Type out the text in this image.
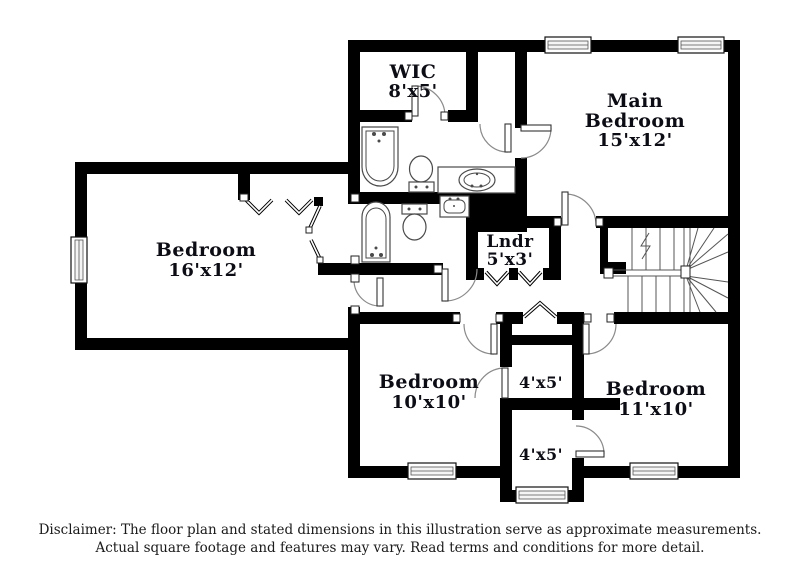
WIC
8'x5'	Main
Bedroom
15'x12'
Bedroom
16'x12'
Lndr
5'x3'
Bedroom
10'x10'
4'x5'
4'x5'
Bedroom
11'x10'
Disclaimer: The floor plan and stated dimensions in this illustration serve as approximate measurements.
Actual square footage and features may vary. Read terms and conditions for more detail.
